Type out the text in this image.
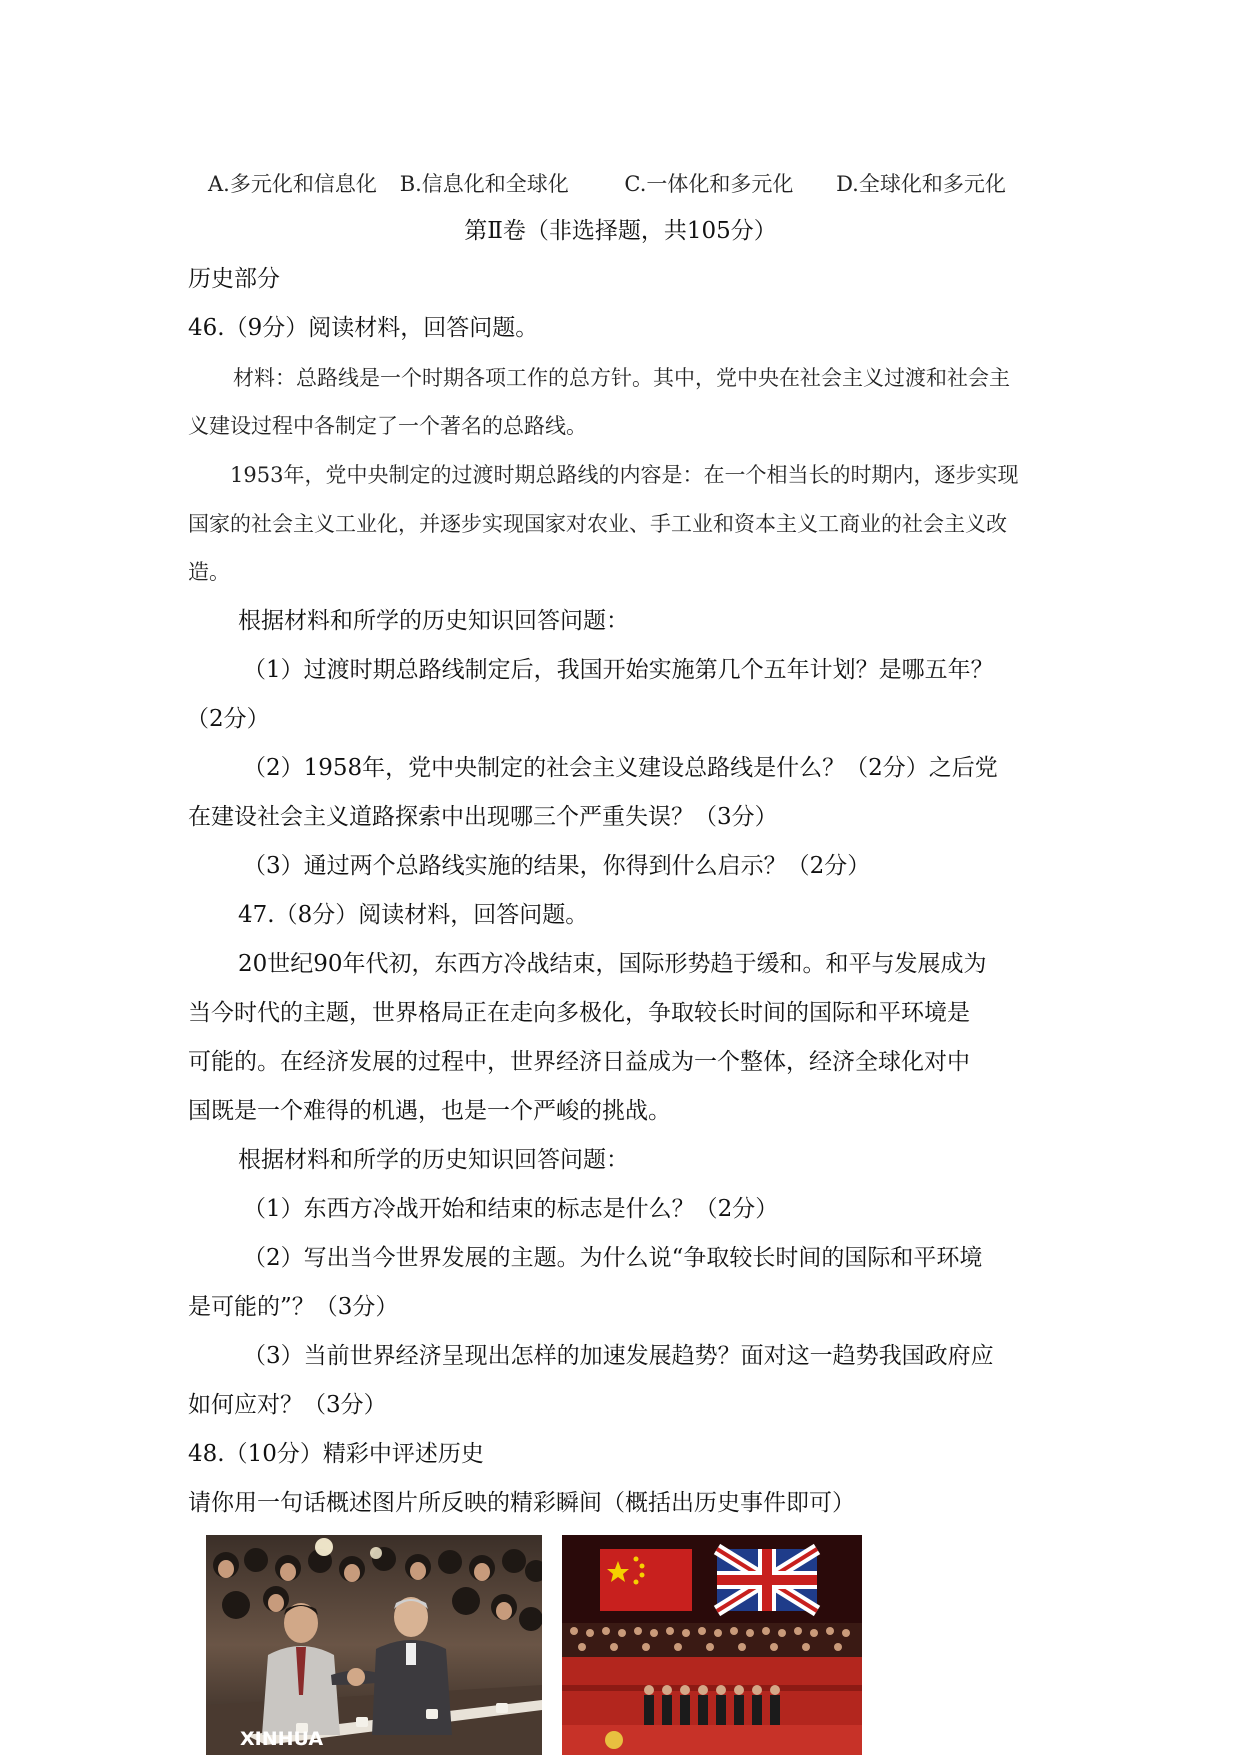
A.多元化和信息化 B.信息化和全球化	C.一体化和多元化 D.全球化和多元化
第Ⅱ卷（非选择题，共105分）
历史部分
46.（9分）阅读材料，回答问题。
材料：总路线是一个时期各项工作的总方针。其中，党中央在社会主义过渡和社会主
义建设过程中各制定了一个著名的总路线。
1953年，党中央制定的过渡时期总路线的内容是：在一个相当长的时期内，逐步实现
国家的社会主义工业化，并逐步实现国家对农业、手工业和资本主义工商业的社会主义改
造。
根据材料和所学的历史知识回答问题：
（1）过渡时期总路线制定后，我国开始实施第几个五年计划？是哪五年？
（2分）
（2）1958年，党中央制定的社会主义建设总路线是什么？（2分）之后党
在建设社会主义道路探索中出现哪三个严重失误？（3分）
（3）通过两个总路线实施的结果，你得到什么启示？（2分）
47.（8分）阅读材料，回答问题。
20世纪90年代初，东西方冷战结束，国际形势趋于缓和。和平与发展成为
当今时代的主题，世界格局正在走向多极化，争取较长时间的国际和平环境是
可能的。在经济发展的过程中，世界经济日益成为一个整体，经济全球化对中
国既是一个难得的机遇，也是一个严峻的挑战。
根据材料和所学的历史知识回答问题：
（1）东西方冷战开始和结束的标志是什么？（2分）
（2）写出当今世界发展的主题。为什么说“争取较长时间的国际和平环境
是可能的”？（3分）
（3）当前世界经济呈现出怎样的加速发展趋势？面对这一趋势我国政府应
如何应对？（3分）
48.（10分）精彩中评述历史
请你用一句话概述图片所反映的精彩瞬间（概括出历史事件即可）
XINHUA
